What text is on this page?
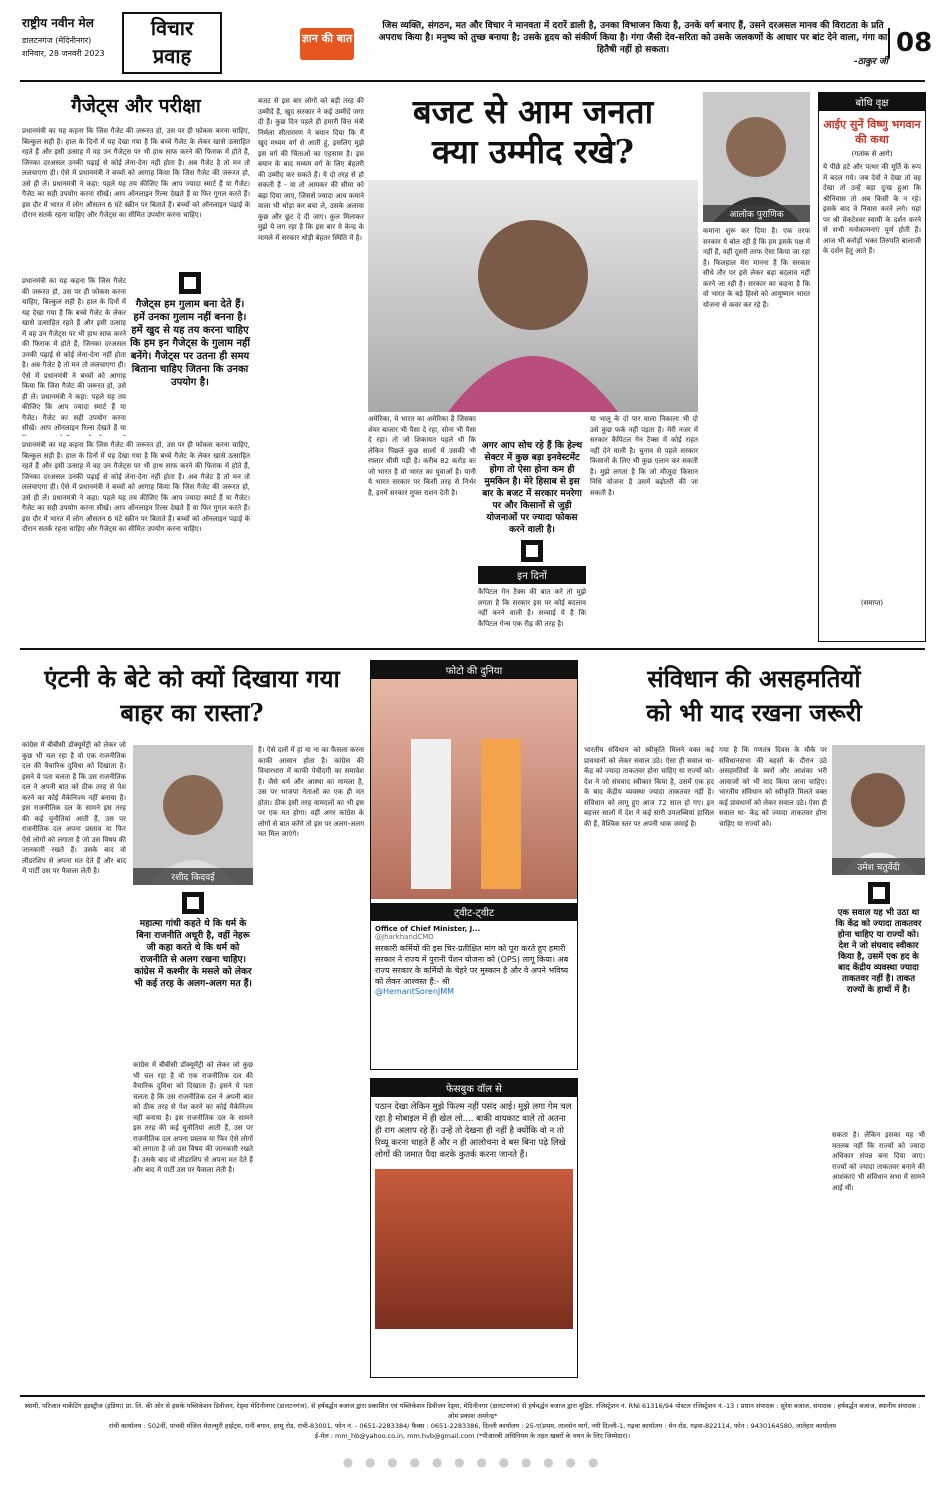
राष्ट्रीय नवीन मेल
डालटनगंज (मेदिनीनगर)
शनिवार, 28 जनवरी 2023
विचार
प्रवाह
ज्ञान की बात
जिस व्यक्ति, संगठन, मत और विचार ने मानवता में दरारें डाली है, उनका विभाजन किया है, उनके वर्ग बनाए हैं, उसने दरअसल मानव की विराटता के प्रति अपराध किया है। मनुष्य को तुच्छ बनाया है; उसके हृदय को संकीर्ण किया है। गंगा जैसी देव-सरिता को उसके जलकणों के आधार पर बांट देने वाला, गंगा का हितैषी नहीं हो सकता।
-ठाकुर जी
08
गैजेट्स और परीक्षा
प्रधानमंत्री का यह कहना कि जिस गैजेट की जरूरत हो, उस पर ही फोकस करना चाहिए, बिल्कुल सही है। हाल के दिनों में यह देखा गया है कि बच्चे गैजेट के लेकर खासे उत्साहित रहते हैं और इसी उत्साह में वह उन गैजेट्स पर भी हाथ साफ करने की फिराक में होते हैं, जिनका दरअसल उनकी पढ़ाई से कोई लेना-देना नहीं होता है। अब गैजेट है तो मन तो ललचाएगा ही। ऐसे में प्रधानमंत्री ने बच्चों को आगाह किया कि जिस गैजेट की जरूरत हो, उसे ही लें। प्रधानमंत्री ने कहा: पहले यह तय कीजिए कि आप ज्यादा स्मार्ट हैं या गैजेट। गैजेट का सही उपयोग करना सीखें। आप ऑनलाइन रिल्स देखते हैं या फिर गुगल करते हैं। इस दौर में भारत में लोग औसतन 6 घंटे स्क्रीन पर बिताते हैं। बच्चों को ऑनलाइन पढ़ाई के दौरान सतर्क रहना चाहिए और गैजेट्स का सीमित उपयोग करना चाहिए।
गैजेट्स हम गुलाम बना देते हैं। हमें उनका गुलाम नहीं बनना है। हमें खुद से यह तय करना चाहिए कि हम इन गैजेट्स के गुलाम नहीं बनेंगे। गैजेट्स पर उतना ही समय बिताना चाहिए जितना कि उनका उपयोग है।
प्रधानमंत्री का यह कहना कि जिस गैजेट की जरूरत हो, उस पर ही फोकस करना चाहिए, बिल्कुल सही है। हाल के दिनों में यह देखा गया है कि बच्चे गैजेट के लेकर खासे उत्साहित रहते हैं और इसी उत्साह में वह उन गैजेट्स पर भी हाथ साफ करने की फिराक में होते हैं, जिनका दरअसल उनकी पढ़ाई से कोई लेना-देना नहीं होता है। अब गैजेट है तो मन तो ललचाएगा ही। ऐसे में प्रधानमंत्री ने बच्चों को आगाह किया कि जिस गैजेट की जरूरत हो, उसे ही लें। प्रधानमंत्री ने कहा: पहले यह तय कीजिए कि आप ज्यादा स्मार्ट हैं या गैजेट। गैजेट का सही उपयोग करना सीखें। आप ऑनलाइन रिल्स देखते हैं या
प्रधानमंत्री का यह कहना कि जिस गैजेट की जरूरत हो, उस पर ही फोकस करना चाहिए, बिल्कुल सही है। हाल के दिनों में यह देखा गया है कि बच्चे गैजेट के लेकर खासे उत्साहित रहते हैं और इसी उत्साह में वह उन गैजेट्स पर भी हाथ साफ करने की फिराक में होते हैं, जिनका दरअसल उनकी पढ़ाई से कोई लेना-देना नहीं होता है। अब गैजेट है तो मन तो ललचाएगा ही। ऐसे में प्रधानमंत्री ने बच्चों को आगाह किया कि जिस गैजेट की जरूरत हो, उसे ही लें। प्रधानमंत्री ने कहा: पहले यह तय कीजिए कि आप ज्यादा स्मार्ट हैं या गैजेट। गैजेट का सही उपयोग करना सीखें। आप ऑनलाइन रिल्स देखते हैं या फिर गुगल करते हैं। इस दौर में भारत में लोग औसतन 6 घंटे स्क्रीन पर बिताते हैं। बच्चों को ऑनलाइन पढ़ाई के दौरान सतर्क रहना चाहिए और गैजेट्स का सीमित उपयोग करना चाहिए।
बजट से इस बार लोगों को बड़ी तरह की उम्मीदें हैं, खुद सरकार ने कई उम्मीदें जगा दी हैं। कुछ दिन पहले ही हमारी वित्त मंत्री निर्मला सीतारमण ने बयान दिया कि मैं खुद मध्यम वर्ग से आती हूं, इसलिए मुझे इस वर्ग की चिंताओं का एहसास है। इस बयान के बाद मध्यम वर्ग के लिए बेहतरी की उम्मीद कर सकते हैं। ये दो तरह से हो सकती हैं - या तो आयकर की सीमा को बढ़ा दिया जाए, जिससे ज्यादा आय कमाने वाला भी थोड़ा कर बचा ले, उसके अलावा कुछ और छूट दे दी जाए। कुल मिलाकर मुझे ये लग रहा है कि इस बार ये केन्द्र के मामले में सरकार थोड़ी बेहतर स्थिति में है।
बजट से आम जनता
क्या उम्मीद रखे?
अमेरिका, ये भारत का अमेरिका है जिसका शेयर बाजार भी पैसा दे रहा, सोना भी पैसा दे रहा। तो जो शिकायत पहले थी कि लेकिन पिछले कुछ सालों में उसकी भी रफ्तार धीमी पड़ी है। करीब 82 करोड़ का जो भारत है वो भारत का युवाओं है। यानी ये भारत सरकार पर किसी तरह से निर्भर है, इनमें सरकार मुफ्त राशन देती है।
अगर आप सोच रहे हैं कि हेल्थ सेक्टर में कुछ बड़ा इनवेस्टमेंट होगा तो ऐसा होना कम ही मुमकिन है। मेरे हिसाब से इस बार के बजट में सरकार मनरेगा पर और किसानों से जुड़ी योजनाओं पर ज्यादा फोकस करने वाली है।
इन दिनों
कैपिटल गेन टैक्स की बात करें तो मुझे लगता है कि सरकार इस पर कोई बदलाव नहीं करने वाली है। सच्चाई ये है कि कैपिटल गेन्स एक रीढ़ की तरह है।
या भालू के दो पार वाला निकाला भी दो उसे कुछ फर्क नहीं पड़ता है। मेरी नजर में सरकार कैपिटल गेन टैक्स में कोई राहत नहीं देने वाली है। चुनाव से पहले सरकार किसानों के लिए भी कुछ एलान कर सकती है। मुझे लगता है कि जो मौजूदा किसान निधि योजना है उसमें बढ़ोतरी की जा सकती है।
आलोक पुराणिक
कमाना शुरू कर दिया है। एक तरफ सरकार ये बोल रही है कि हम इसके पक्ष में नहीं हैं, वहीं दूसरी तरफ ऐसा किया जा रहा है। फिलहाल मेरा मानना है कि सरकार सीधे तौर पर इसे लेकर बड़ा बदलाव नहीं करने जा रही है। सरकार का कहना है कि वो भारत के बड़े हिस्से को आयुष्मान भारत योजना से कवर कर रहे हैं।
बोधि वृक्ष
आईए सुनें विष्णु भगवान की कथा
(गतांक से आगे)
ये पीछे हटे और पत्थर की मूर्ति के रूप में बदल गये। जब देवों ने देखा तो वह देखा तो उन्हें बड़ा दुःख हुआ कि श्रीनिवास तो अब किसी के न रहे। इसके बाद वे निवास करने लगे। यहां पर श्री वेंकटेश्वर स्वामी के दर्शन करने से सभी मनोकामनाएं पूर्ण होती हैं। आज भी करोड़ों भक्त तिरुपति बालाजी के दर्शन हेतु आते हैं।
(समाप्त)
एंटनी के बेटे को क्यों दिखाया गया बाहर का रास्ता?
कांग्रेस में बीबीसी डॉक्यूमेंट्री को लेकर जो कुछ भी चल रहा है वो एक राजनीतिक दल की वैचारिक दुविधा को दिखाता है। इसने ये पता चलता है कि उस राजनीतिक दल ने अपनी बात को ठीक तरह से पेश करने का कोई मैकेनिज्म नहीं बनाया है। इस राजनीतिक दल के सामने इस तरह की कई चुनौतियां आती हैं, उस पर राजनीतिक दल अपना प्रस्ताव या फिर ऐसे लोगों को लगाता है जो उस विषय की जानकारी रखते हैं। उसके बाद वो लीडरशिप से अपना मत देते हैं और बाद में पार्टी उस पर फैसला लेती है।
रशीद किदवई
महात्मा गांधी कहते थे कि धर्म के बिना राजनीति अधूरी है, वहीं नेहरू जी कहा करते थे कि धर्म को राजनीति से अलग रखना चाहिए। कांग्रेस में कश्मीर के मसले को लेकर भी कई तरह के अलग-अलग मत हैं।
कांग्रेस में बीबीसी डॉक्यूमेंट्री को लेकर जो कुछ भी चल रहा है वो एक राजनीतिक दल की वैचारिक दुविधा को दिखाता है। इसने ये पता चलता है कि उस राजनीतिक दल ने अपनी बात को ठीक तरह से पेश करने का कोई मैकेनिज्म नहीं बनाया है। इस राजनीतिक दल के सामने इस तरह की कई चुनौतियां आती हैं, उस पर राजनीतिक दल अपना प्रस्ताव या फिर ऐसे लोगों को लगाता है जो उस विषय की जानकारी रखते हैं। उसके बाद वो लीडरशिप से अपना मत देते हैं और बाद में पार्टी उस पर फैसला लेती है।
है। ऐसे दलों में हां या ना का फैसला करना काफी आसान होता है। कांग्रेस की विचारधारा में काफी पेचीदगी का समावेश है। जैसे धर्म और आस्था का मामला है, उस पर भाजपा नेताओं का एक ही मत होता। ठीक इसी तरह वामदलों का भी इस पर एक मत होगा। वहीं अगर कांग्रेस के लोगों से बात करेंगे तो इस पर अलग-अलग मत मिल जाएंगे।
फोटो की दुनिया
ट्वीट-ट्वीट
Office of Chief Minister, J...
@JharkhandCMO
सरकारी कर्मियों की इस चिर-प्रतीक्षित मांग को पूरा करते हुए हमारी सरकार ने राज्य में पुरानी पेंशन योजना को (OPS) लागू किया। अब राज्य सरकार के कर्मियों के चेहरे पर मुस्कान है और वे अपने भविष्य को लेकर आश्वस्त हैं:- श्री
@HemantSorenJMM
फेसबुक वॉल से
पठान देखा लेकिन मुझे फिल्म नहीं पसंद आई। मुझे लगा गेम चल रहा है मोबाइल में ही खेल लो.... बाकी वायकाट वाले तो अतना ही राग अलाप रहे हैं। उन्हें तो देखना ही नहीं है क्योंकि वो न तो रिव्यू करना चाहते हैं और न ही आलोचना वे बस बिना पढ़े लिखे लोगों की जमात पैदा करके कुतर्क करना जानते हैं।
संविधान की असहमतियों
को भी याद रखना जरूरी
भारतीय संविधान को स्वीकृति मिलने वक्त कई प्रावधानों को लेकर सवाल उठे। ऐसा ही सवाल था- केंद्र को ज्यादा ताकतवर होना चाहिए या राज्यों को। देश ने जो संघवाद स्वीकार किया है, उसमें एक हद के बाद केंद्रीय व्यवस्था ज्यादा ताकतवर नहीं है। संविधान को लागू हुए आज 72 साल हो गए। इन बहत्तर सालों में देश ने कई सारी उपलब्धियां हासिल की हैं, वैश्विक स्तर पर अपनी धाक जमाई है।
गया है कि गणतंत्र दिवस के मौके पर संविधानसभा की बहसों के दौरान उठे असहमतियों के स्वरों और आशंका भरी आवाजों को भी याद किया जाना चाहिए। भारतीय संविधान को स्वीकृति मिलते वक्त कई प्रावधानों को लेकर सवाल उठे। ऐसा ही सवाल था- केंद्र को ज्यादा ताकतवर होना चाहिए या राज्यों को।
उमेश चतुर्वेदी
एक सवाल यह भी उठा था कि केंद्र को ज्यादा ताकतवर होना चाहिए या राज्यों को। देश ने जो संघवाद स्वीकार किया है, उसमें एक हद के बाद केंद्रीय व्यवस्था ज्यादा ताकतवर नहीं है। ताकत राज्यों के हाथों में है।
सकता है। लेकिन इसका यह भी मतलब नहीं कि राज्यों को ज्यादा अधिकार संपन्न बना दिया जाए। राज्यों को ज्यादा ताकतवर बनाने की आशंकाएं भी संविधान सभा में सामने आई थीं।
स्वामी, परिजात मार्केटिंग इंडस्ट्रीज (इंडिया) प्रा. लि. की ओर से इसके पब्लिकेशन डिवीजन, रेड्मा मेदिनीनगर (डालटनगंज), से हर्षवर्द्धन बजाज द्वारा प्रकाशित एवं पब्लिकेशन डिवीजन रेड्मा, मेदिनीनगर (डालटनगंज) से हर्षवर्द्धन बजाज द्वारा मुद्रित. रजिस्ट्रेशन नं. RNI 61316/94 पोस्टल रजिस्ट्रेशन नं.-13 । प्रधान संपादक : सुरेश बजाज, संपादक : हर्षवर्द्धन बजाज, स्थानीय संपादक : ओम प्रकाश अमरेन्द्र*
रांची कार्यालय : 502वीं, पांचवी मंजिल मेराल्मुरी हाईट्स, रानी बगान, हरमू रोड, रांची-83001, फोन नं. - 0651-2283384/ फैक्स : 0651-2283386, दिल्ली कार्यालय : 25-ए(प्रथम, तालसेन मार्ग, नयी दिल्ली-1, गढ़वा कार्यालय : मेन रोड, गढ़वा-822114, फोन : 9430164580, लातेहार कार्यालय
ई-मेल : mm_hb@yahoo.co.in, mm.hvb@gmail.com (*पीआरबी अधिनियम के तहत खबरों के चयन के लिए जिम्मेदार)।
● ● ● ● ● ● ● ● ● ● ● ●
